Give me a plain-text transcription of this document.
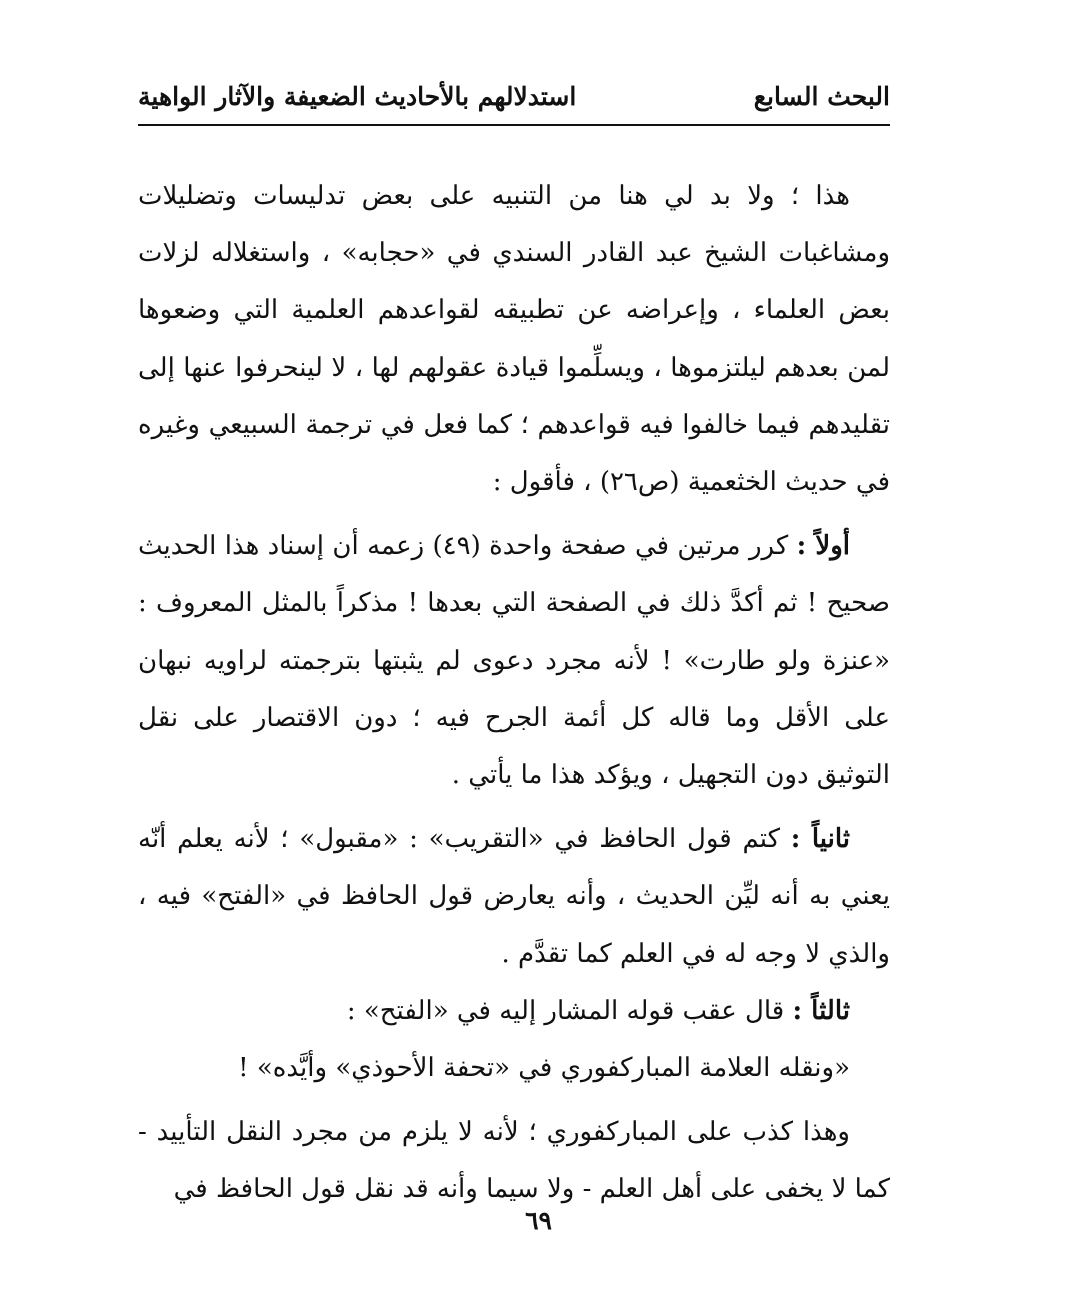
البحث السابع
استدلالهم بالأحاديث الضعيفة والآثار الواهية

هذا ؛ ولا بد لي هنا من التنبيه على بعض تدليسات وتضليلات ومشاغبات الشيخ عبد القادر السندي في «حجابه» ، واستغلاله لزلات بعض العلماء ، وإعراضه عن تطبيقه لقواعدهم العلمية التي وضعوها لمن بعدهم ليلتزموها ، ويسلِّموا قيادة عقولهم لها ، لا لينحرفوا عنها إلى تقليدهم فيما خالفوا فيه قواعدهم ؛ كما فعل في ترجمة السبيعي وغيره في حديث الخثعمية (ص٢٦) ، فأقول :

أولاً : كرر مرتين في صفحة واحدة (٤٩) زعمه أن إسناد هذا الحديث صحيح ! ثم أكدَّ ذلك في الصفحة التي بعدها ! مذكراً بالمثل المعروف : «عنزة ولو طارت» ! لأنه مجرد دعوى لم يثبتها بترجمته لراويه نبهان على الأقل وما قاله كل أئمة الجرح فيه ؛ دون الاقتصار على نقل التوثيق دون التجهيل ، ويؤكد هذا ما يأتي .

ثانياً : كتم قول الحافظ في «التقريب» : «مقبول» ؛ لأنه يعلم أنّه يعني به أنه ليِّن الحديث ، وأنه يعارض قول الحافظ في «الفتح» فيه ، والذي لا وجه له في العلم كما تقدَّم .

ثالثاً : قال عقب قوله المشار إليه في «الفتح» :

«ونقله العلامة المباركفوري في «تحفة الأحوذي» وأيَّده» !

وهذا كذب على المباركفوري ؛ لأنه لا يلزم من مجرد النقل التأييد - كما لا يخفى على أهل العلم - ولا سيما وأنه قد نقل قول الحافظ في

٦٩
